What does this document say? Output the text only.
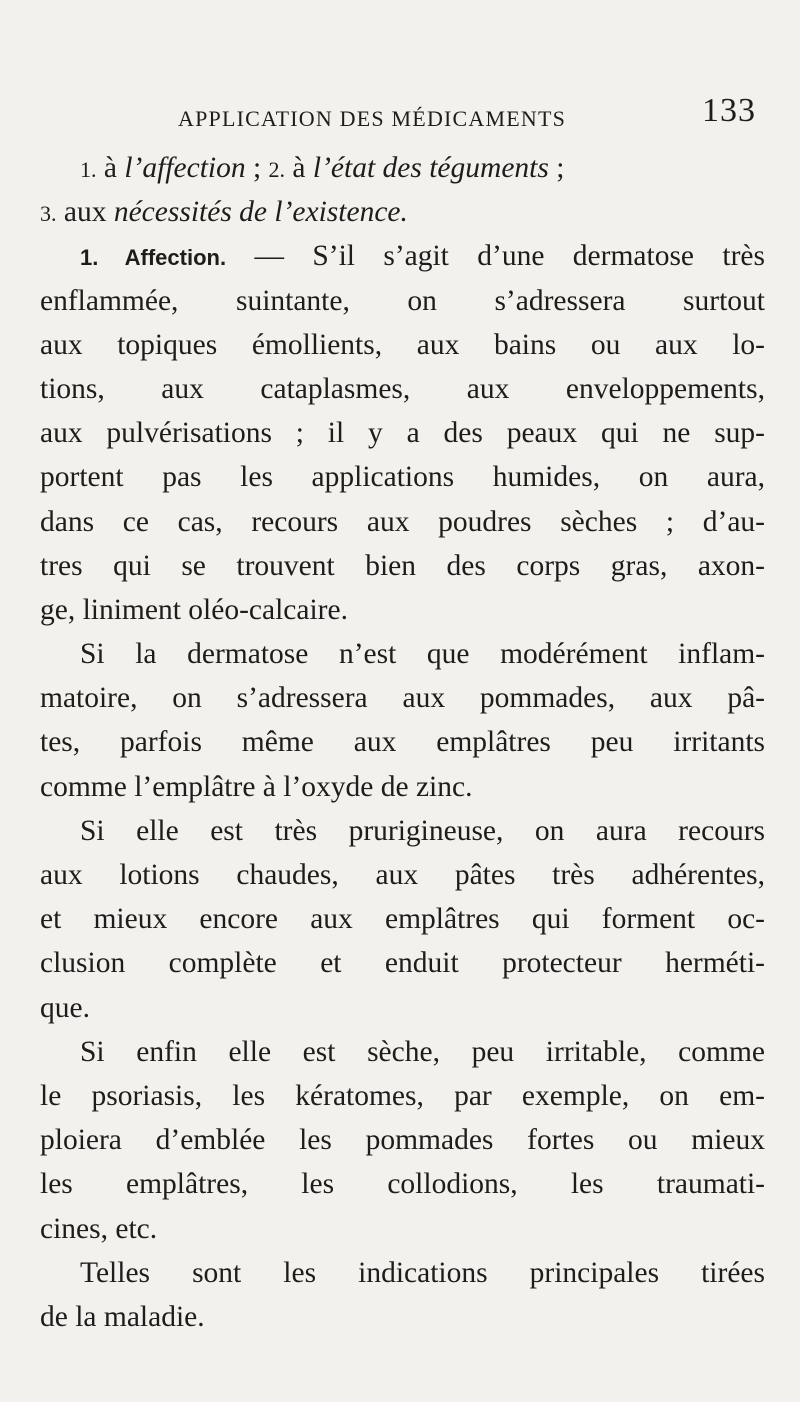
APPLICATION DES MÉDICAMENTS	133
1. à l’affection ; 2. à l’état des téguments ;
3. aux nécessités de l’existence.
1. Affection. — S’il s’agit d’une dermatose très
enflammée, suintante, on s’adressera surtout
aux topiques émollients, aux bains ou aux lo-
tions, aux cataplasmes, aux enveloppements,
aux pulvérisations ; il y a des peaux qui ne sup-
portent pas les applications humides, on aura,
dans ce cas, recours aux poudres sèches ; d’au-
tres qui se trouvent bien des corps gras, axon-
ge, liniment oléo-calcaire.
Si la dermatose n’est que modérément inflam-
matoire, on s’adressera aux pommades, aux pâ-
tes, parfois même aux emplâtres peu irritants
comme l’emplâtre à l’oxyde de zinc.
Si elle est très prurigineuse, on aura recours
aux lotions chaudes, aux pâtes très adhérentes,
et mieux encore aux emplâtres qui forment oc-
clusion complète et enduit protecteur herméti-
que.
Si enfin elle est sèche, peu irritable, comme
le psoriasis, les kératomes, par exemple, on em-
ploiera d’emblée les pommades fortes ou mieux
les emplâtres, les collodions, les traumati-
cines, etc.
Telles sont les indications principales tirées
de la maladie.
